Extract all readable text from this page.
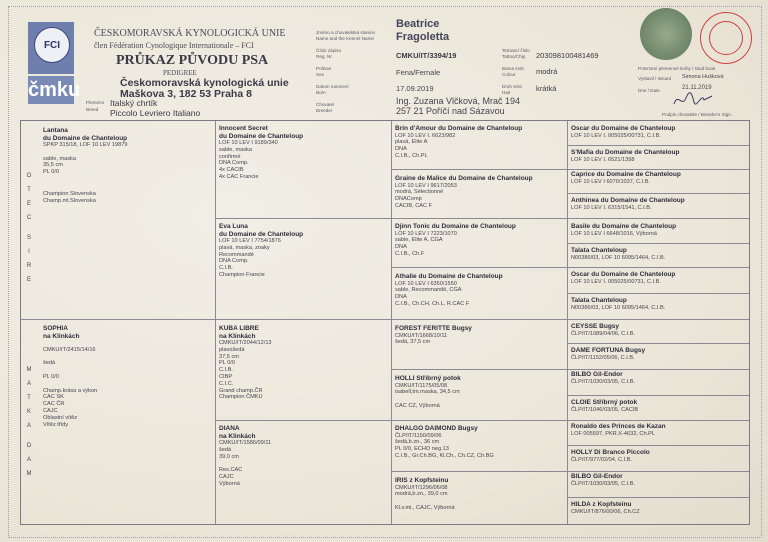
FCI
čmku
ČESKOMORAVSKÁ KYNOLOGICKÁ UNIE
člen Fédération Cynologique Internationale – FCI
PRŮKAZ PŮVODU PSA
PEDIGREE
Českomoravská kynologická unie
Maškova 3, 182 53 Praha 8
Plemeno
Breed
Italský chrtík
Piccolo Levriero Italiano
Jméno a chovatelská stanice
Name and the Kennel Name
Číslo zápisu
Reg. Nr.
Pohlaví
Sex
Datum narození
Born
Chovatel
Breeder
Beatrice
Fragoletta
CMKU/IT/3394/19
Fena/Female
17.09.2019
Ing. Zuzana Vlčková, Mrač 194
257 21 Poříčí nad Sázavou
Tetovací číslo
Tattoo/Chip
Barva srsti
Colour
Druh srsti
Hair
203098100481469
modrá
krátká
Potvrzení plemenné knihy / Stud book
Vystavil / Issued Simona Hušková
Dne / Date	21.11.2019
Podpis chovatele / Breeder's Sign.
O
T
E
C
S
I
R
E
M
A
T
K
A
D
A
M
Lantana
du Domaine de Chanteloup
SPKP 315/18, LOF 10 LEV 19879

sable, maska
35,5 cm
PL 0/0

Champion Slovenska
Champ.ml.Slovenska
SOPHIA
na Klinkách

CMKU/IT/2415/14/16

šedá

PL 0/0

Champ.krása a výkon
CAC SK
CAC ČR
CAJC
Oblastní vítěz
Vítěz třídy
Innocent Secret
du Domaine de Chanteloup
LOF 10 LEV I 9189/340
sable, maska
confirmé
DNA Comp.
4x CACIB
4x CAC Francie
Eva Luna
du Domaine de Chanteloup
LOF 10 LEV I 7754/1876
plavá, maska, znaky
Recommandé
DNA Comp.
C.I.B.
Champion Francie
KUBA LIBRE
na Klinkách
CMKU/IT/2044/12/13
plavošedá
37,5 cm
PL 0/0
C.I.B.
CIBP
C.I.C.
Grand champ.ČR
Champion ČMKU
DIANA
na Klinkách
CMKU/IT/1586/09/11
šedá
39,0 cm

Res.CAC
CAJC
Výborná
Brin d'Amour du Domaine de Chanteloup
LOF 10 LEV I. 6623/982
plavá, Elite A
DNA
C.I.B., Ch.PL
Graine de Malice du Domaine de Chanteloup
LOF 10 LEV I 9617/2053
modrá, Sélectionné
DNAComp
CACIB, CAC F
Djinn Tonic du Domaine de Chanteloup
LOF 10 LEV I 7223/1070
sable, Elite A, CGA
DNA
C.I.B., Ch.F
Athalie du Domaine de Chanteloup
LOF 10 LEV I 6350/1550
sable, Recommandé, CGA
DNA
C.I.B., Ch.CH, Ch.L, R.CAC F
FOREST FERITTE Bugsy
CMKU/IT/1668/10/11
šedá, 37,5 cm
HOLLI Stříbrný potok
CMKU/IT/1175/05/08
isabell,tm.maska, 34,5 cm

CAC CZ, Výborná
DHALGO DAIMOND Bugsy
ČLP/IT/1150/09/06
šedá,b.zn., 36 cm
PL 0/0, ECHO neg.13
C.I.B., Gr.Ch.BG, Kl.Ch., Ch.CZ, Ch.BG
IRIS z Kopfsteinu
CMKU/IT/1296/06/08
modrá,b.zn., 39,0 cm

Kl.v.mi., CAJC, Výborná
Oscar du Domaine de Chanteloup
LOF 10 LEV I. 005025/00731, C.I.B.
S'Mafia du Domaine de Chanteloup
LOF 10 LEV I. 6521/1398
Caprice du Domaine de Chanteloup
LOF 10 LEV I 6070/1037, C.I.B.
Anthinea du Domaine de Chanteloup
LOF 10 LEV I. 6315/1541, C.I.B.
Basile du Domaine de Chanteloup
LOF 10 LEV I 6648/1016, Výborná
Talata Chanteloup
N00386/03, LOF 10 6095/1464, C.I.B.
Oscar du Domaine de Chanteloup
LOF 10 LEV I. 005025/00731, C.I.B.
Talata Chanteloup
N00386/03, LOF 10 6095/1464, C.I.B.
CEYSSE Bugsy
ČLP/IT/1089/04/06, C.I.B.
DAME FORTUNA Bugsy
ČLP/IT/1152/05/06, C.I.B.
BILBO Gil-Endor
ČLP/IT/1030/03/05, C.I.B.
CLOIE Stříbrný potok
ČLP/IT/1046/03/05, CACIB
Ronaldo des Princes de Kazan
LOF 005597, PKR.X-4632, Ch.PL
HOLLY Di Branco Piccolo
ČLP/IT/977/02/04, C.I.B.
BILBO Gil-Endor
ČLP/IT/1030/03/05, C.I.B.
HILDA z Kopfsteinu
CMKU/IT/876/00/06, Ch.CZ
